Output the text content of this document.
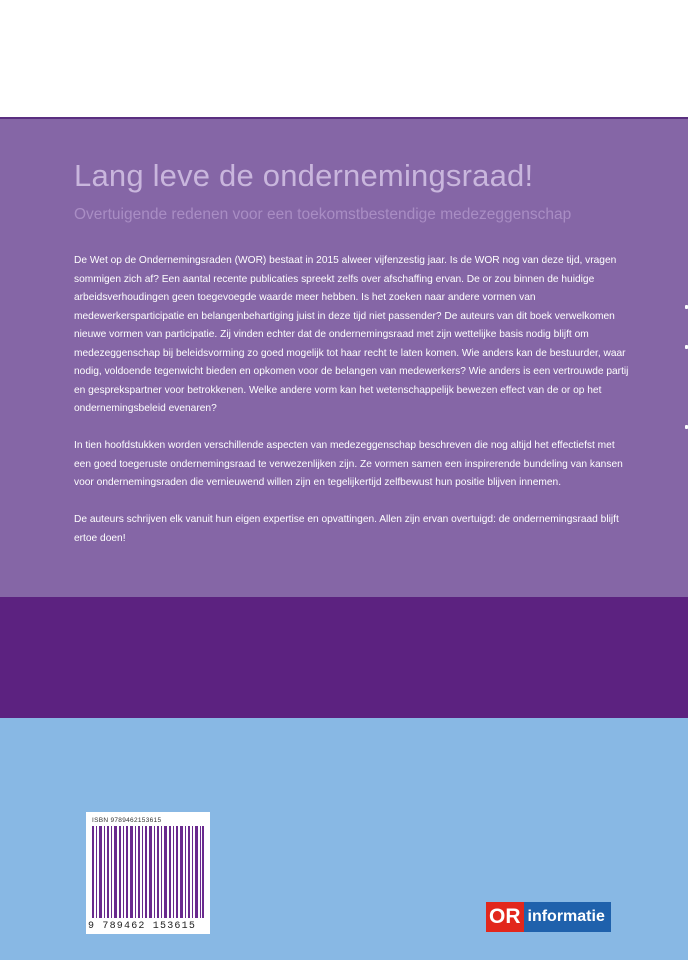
Lang leve de ondernemingsraad!
Overtuigende redenen voor een toekomstbestendige medezeggenschap

De Wet op de Ondernemingsraden (WOR) bestaat in 2015 alweer vijfenzestig jaar. Is de WOR nog van deze tijd, vragen sommigen zich af? Een aantal recente publicaties spreekt zelfs over afschaffing ervan. De or zou binnen de huidige arbeidsverhoudingen geen toegevoegde waarde meer hebben. Is het zoeken naar andere vormen van medewerkersparticipatie en belangenbehartiging juist in deze tijd niet passender? De auteurs van dit boek verwelkomen nieuwe vormen van participatie. Zij vinden echter dat de ondernemingsraad met zijn wettelijke basis nodig blijft om medezeggenschap bij beleidsvorming zo goed mogelijk tot haar recht te laten komen. Wie anders kan de bestuurder, waar nodig, voldoende tegenwicht bieden en opkomen voor de belangen van medewerkers? Wie anders is een vertrouwde partij en gesprekspartner voor betrokkenen. Welke andere vorm kan het wetenschappelijk bewezen effect van de or op het ondernemingsbeleid evenaren?

In tien hoofdstukken worden verschillende aspecten van medezeggenschap beschreven die nog altijd het effectiefst met een goed toegeruste ondernemingsraad te verwezenlijken zijn. Ze vormen samen een inspirerende bundeling van kansen voor ondernemingsraden die vernieuwend willen zijn en tegelijkertijd zelfbewust hun positie blijven innemen.

De auteurs schrijven elk vanuit hun eigen expertise en opvattingen. Allen zijn ervan overtuigd: de ondernemingsraad blijft ertoe doen!

ISBN 9789462153615
9 789462 153615	OR informatie
